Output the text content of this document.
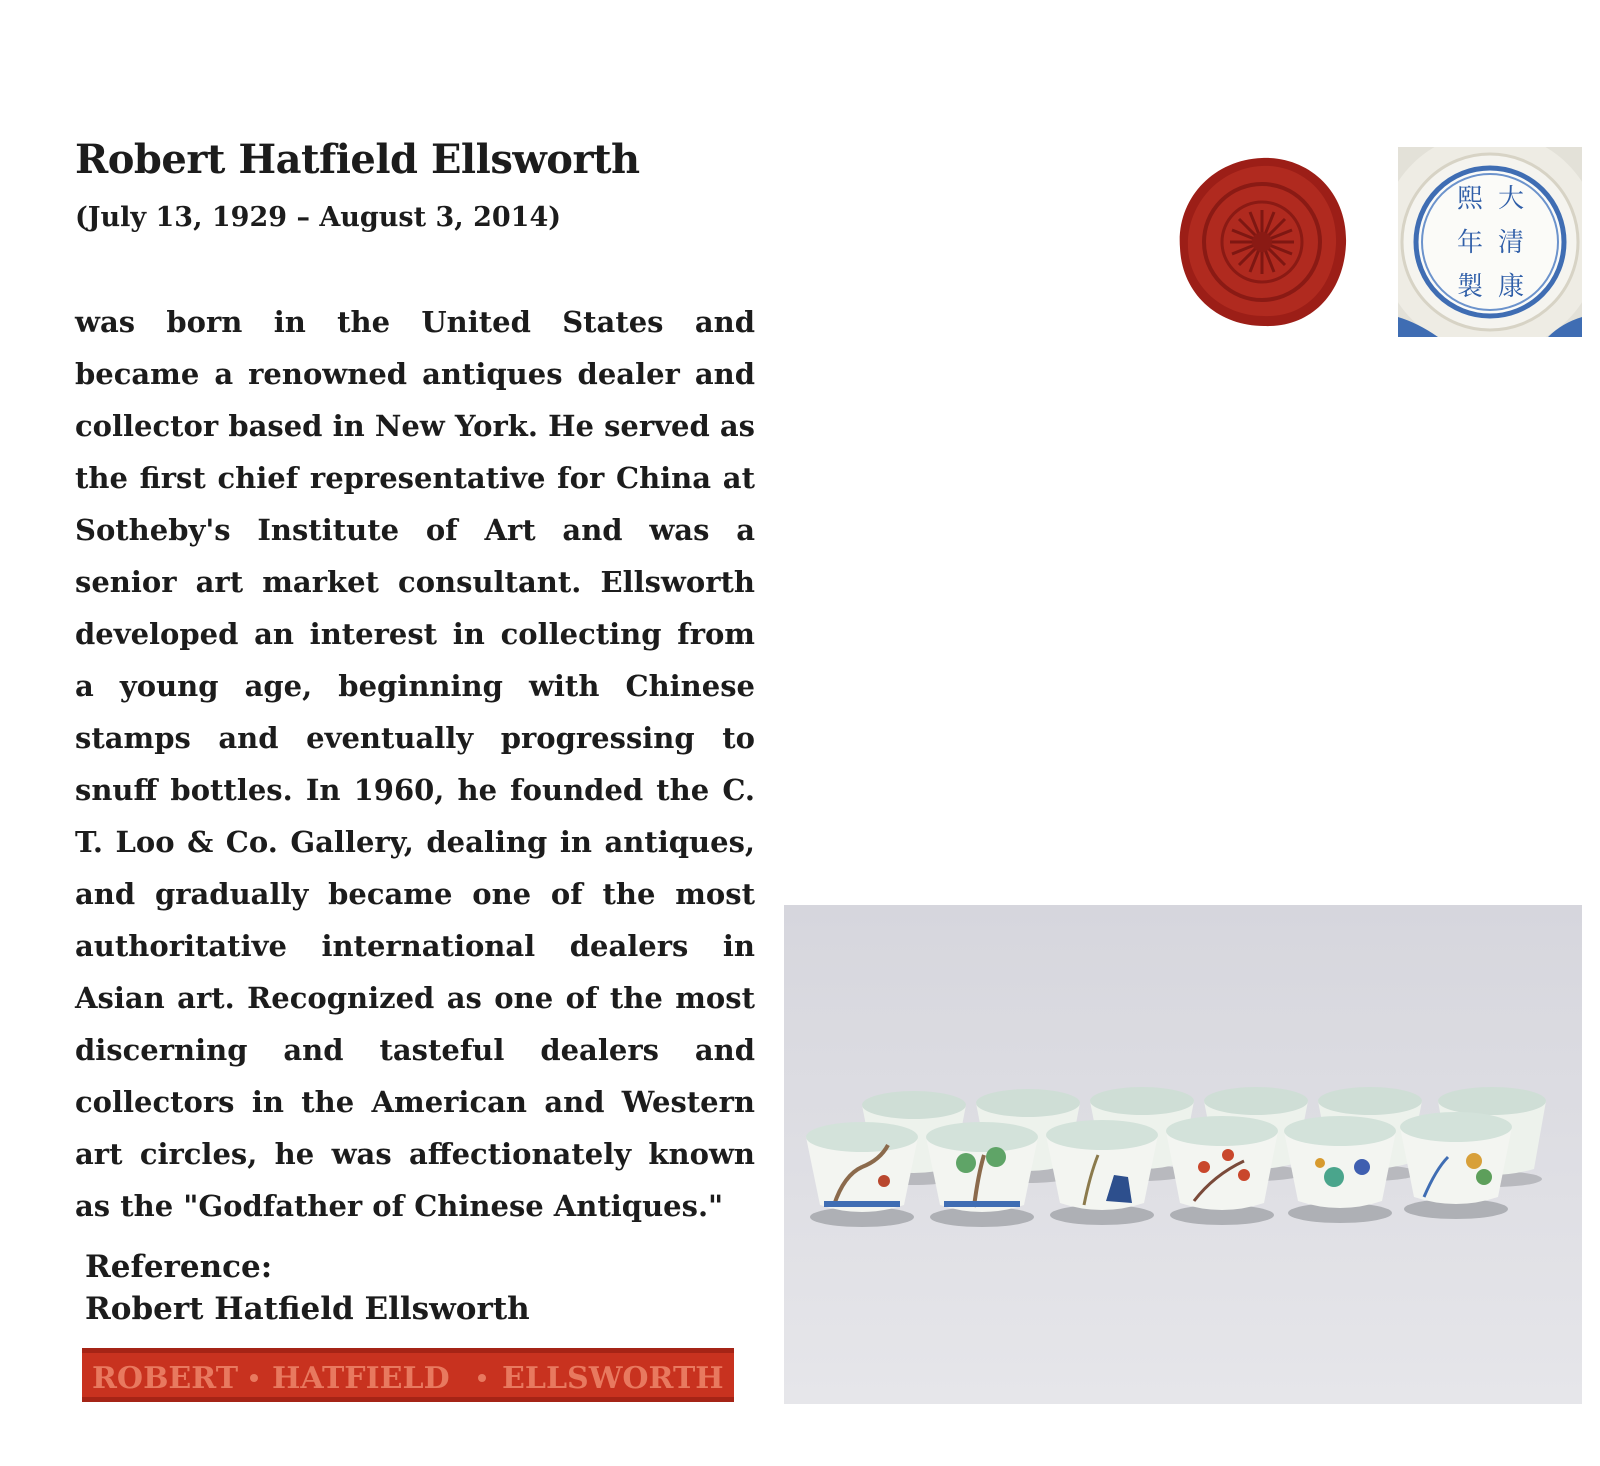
Robert Hatfield Ellsworth
(July 13, 1929 – August 3, 2014)

was born in the United States and became a renowned antiques dealer and collector based in New York. He served as the first chief representative for China at Sotheby's Institute of Art and was a senior art market consultant. Ellsworth developed an interest in collecting from a young age, beginning with Chinese stamps and eventually progressing to snuff bottles. In 1960, he founded the C. T. Loo & Co. Gallery, dealing in antiques, and gradually became one of the most authoritative international dealers in Asian art. Recognized as one of the most discerning and tasteful dealers and collectors in the American and Western art circles, he was affectionately known as the "Godfather of Chinese Antiques."

Reference:
Robert Hatfield Ellsworth
大
清
康
熙
年
製
ROBERT HATFIELD ELLSWORTH
